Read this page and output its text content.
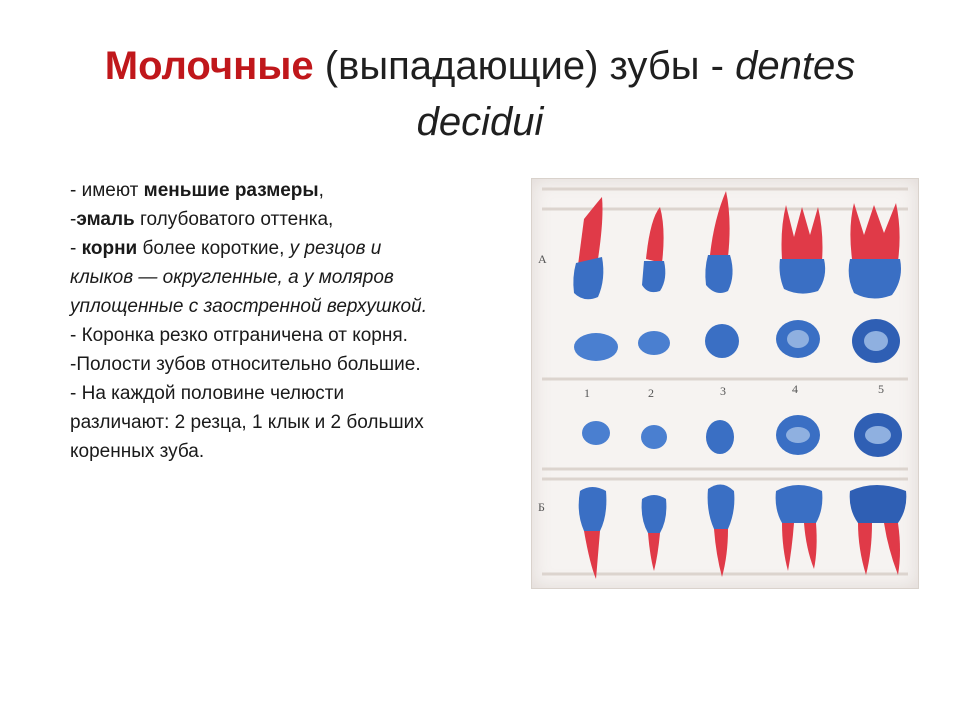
Молочные (выпадающие) зубы - dentes decidui

- имеют меньшие размеры,

-эмаль голубоватого оттенка,

- корни более короткие, у резцов и

клыков — округленные, а у моляров

уплощенные с заостренной верхушкой.

- Коронка резко отграничена от корня.

-Полости зубов относительно большие.

- На каждой половине челюсти

различают: 2 резца, 1 клык и 2 больших

коренных зуба.

А
Б
1	2	3	4	5
